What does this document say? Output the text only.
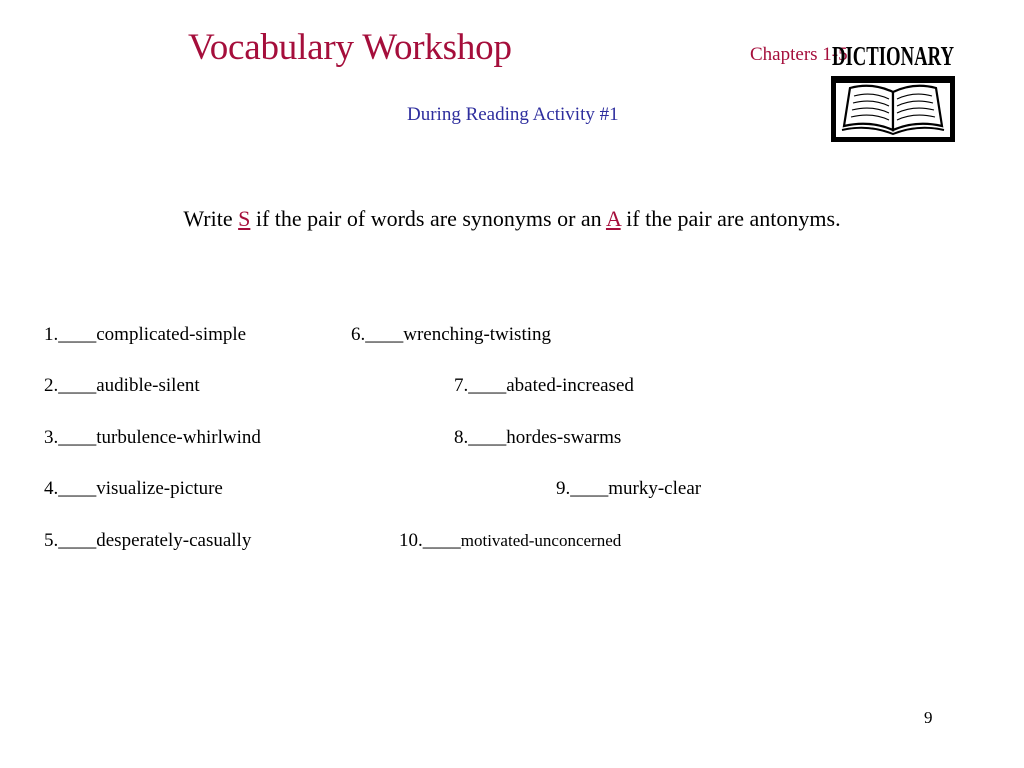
Vocabulary Workshop	Chapters 1-5
DICTIONARY
During Reading Activity #1
Write S if the pair of words are synonyms or an A if the pair are antonyms.
1.____complicated-simple
2.____audible-silent
3.____turbulence-whirlwind
4.____visualize-picture
5.____desperately-casually
6.____wrenching-twisting
7.____abated-increased
8.____hordes-swarms
9.____murky-clear
10.____motivated-unconcerned
9
